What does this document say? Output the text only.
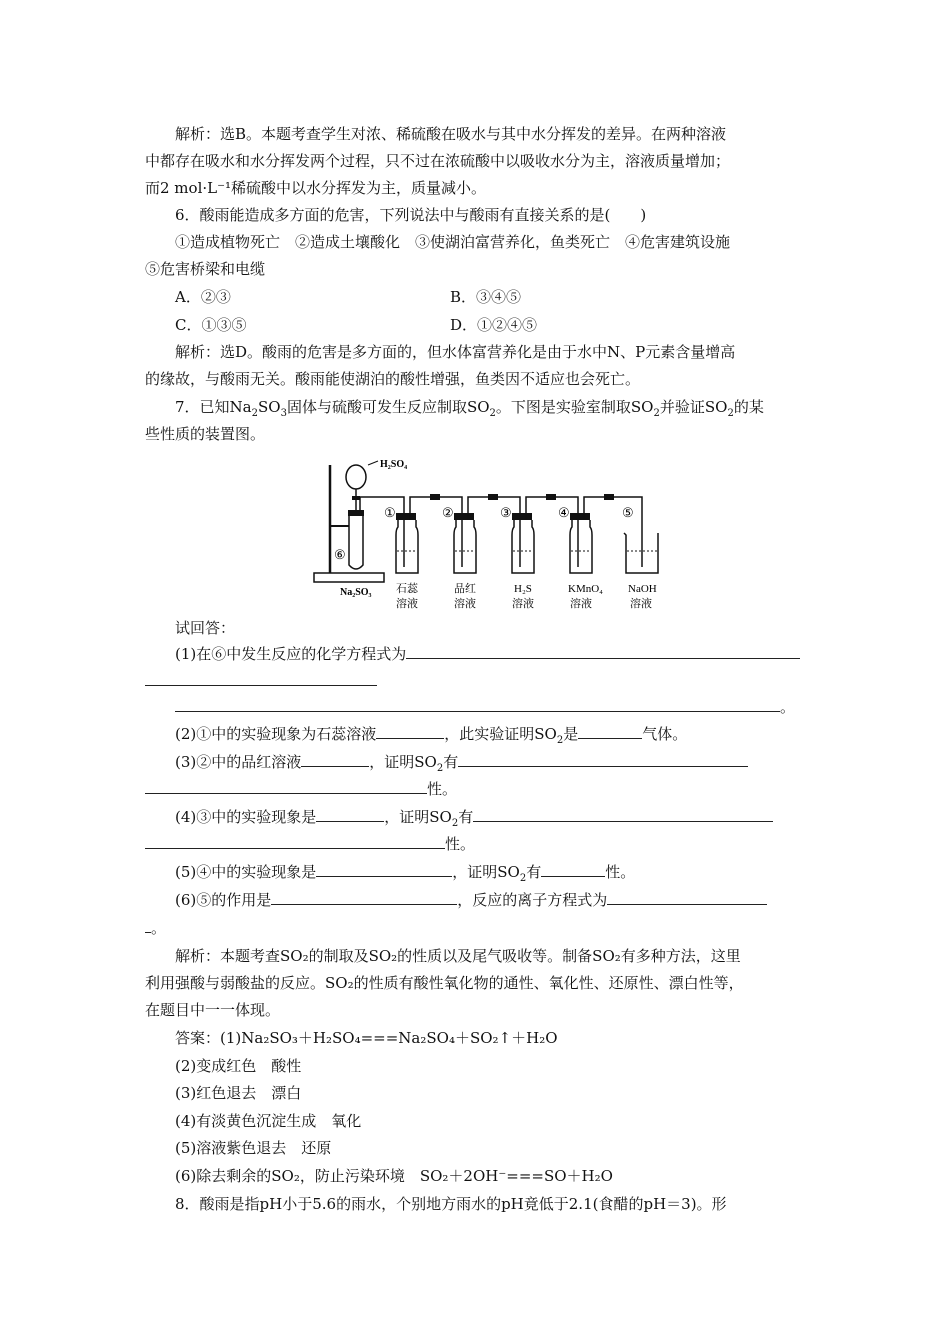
解析：选B。本题考查学生对浓、稀硫酸在吸水与其中水分挥发的差异。在两种溶液
中都存在吸水和水分挥发两个过程，只不过在浓硫酸中以吸收水分为主，溶液质量增加；
而2 mol·L⁻¹稀硫酸中以水分挥发为主，质量减小。
6．酸雨能造成多方面的危害，下列说法中与酸雨有直接关系的是(　　)
①造成植物死亡　②造成土壤酸化　③使湖泊富营养化，鱼类死亡　④危害建筑设施
⑤危害桥梁和电缆
A．②③	B．③④⑤
C．①③⑤	D．①②④⑤
解析：选D。酸雨的危害是多方面的，但水体富营养化是由于水中N、P元素含量增高
的缘故，与酸雨无关。酸雨能使湖泊的酸性增强，鱼类因不适应也会死亡。
7．已知$Na_2SO_3$固体与硫酸可发生反应制取$SO_2$。下图是实验室制取$SO_2$并验证$SO_2$的某
些性质的装置图。
H₂SO₄
⑥
Na₂SO₃
①
石蕊
溶液
②
品红
溶液
③
H₂S
溶液
④
KMnO₄
溶液
⑤
NaOH
溶液
试回答：
(1)在⑥中发生反应的化学方程式为
。
(2)①中的实验现象为石蕊溶液	，此实验证明$SO_2$是	气体。
(3)②中的品红溶液	，证明$SO_2$有
性。
(4)③中的实验现象是	，证明$SO_2$有
性。
(5)④中的实验现象是	，证明$SO_2$有	性。
(6)⑤的作用是	，反应的离子方程式为
。
解析：本题考查SO₂的制取及SO₂的性质以及尾气吸收等。制备SO₂有多种方法，这里
利用强酸与弱酸盐的反应。SO₂的性质有酸性氧化物的通性、氧化性、还原性、漂白性等，
在题目中一一体现。
答案：(1)Na₂SO₃＋H₂SO₄===Na₂SO₄＋SO₂↑＋H₂O
(2)变成红色　酸性
(3)红色退去　漂白
(4)有淡黄色沉淀生成　氧化
(5)溶液紫色退去　还原
(6)除去剩余的SO₂，防止污染环境　SO₂＋2OH⁻===SO＋H₂O
8．酸雨是指pH小于5.6的雨水，个别地方雨水的pH竟低于2.1(食醋的pH＝3)。形
